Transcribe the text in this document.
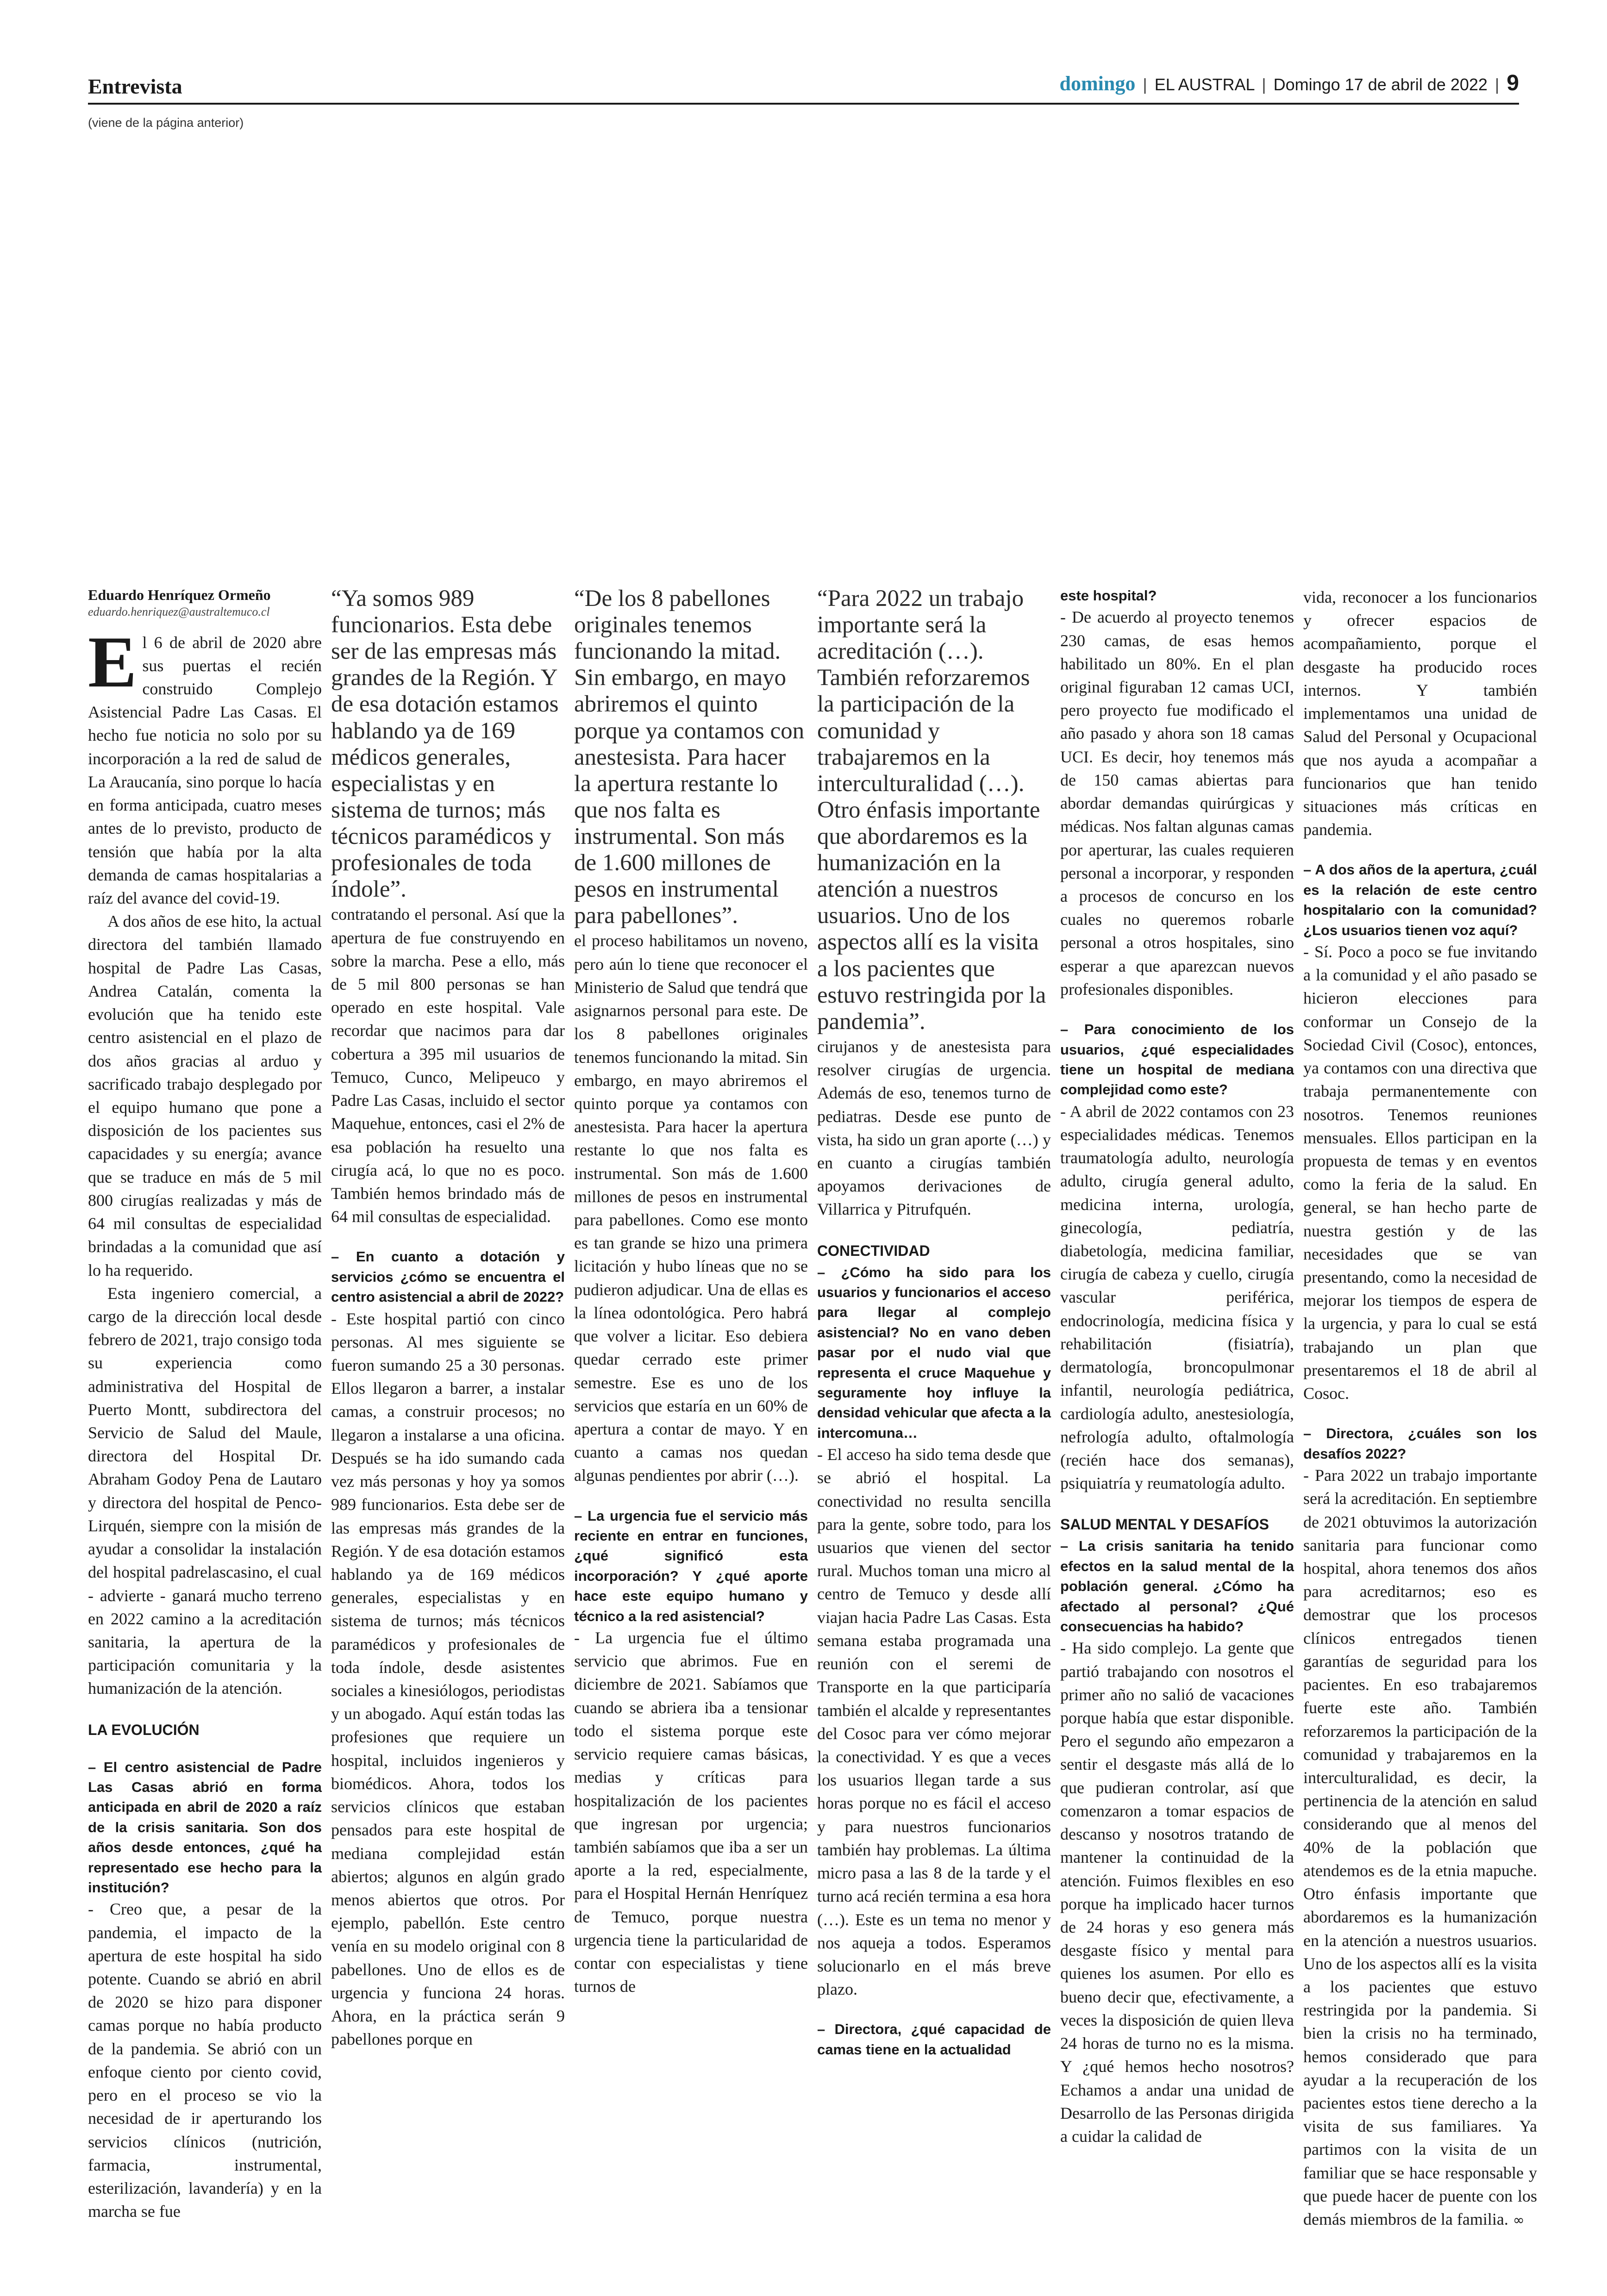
Entrevista	domingo | EL AUSTRAL | Domingo 17 de abril de 2022 | 9
(viene de la página anterior)
Eduardo Henríquez Ormeño
eduardo.henriquez@australtemuco.cl

El 6 de abril de 2020 abre sus puertas el recién construido Complejo Asistencial Padre Las Casas. El hecho fue noticia no solo por su incorporación a la red de salud de La Araucanía, sino porque lo hacía en forma anticipada, cuatro meses antes de lo previsto, producto de tensión que había por la alta demanda de camas hospitalarias a raíz del avance del covid-19.

A dos años de ese hito, la actual directora del también llamado hospital de Padre Las Casas, Andrea Catalán, comenta la evolución que ha tenido este centro asistencial en el plazo de dos años gracias al arduo y sacrificado trabajo desplegado por el equipo humano que pone a disposición de los pacientes sus capacidades y su energía; avance que se traduce en más de 5 mil 800 cirugías realizadas y más de 64 mil consultas de especialidad brindadas a la comunidad que así lo ha requerido.

Esta ingeniero comercial, a cargo de la dirección local desde febrero de 2021, trajo consigo toda su experiencia como administrativa del Hospital de Puerto Montt, subdirectora del Servicio de Salud del Maule, directora del Hospital Dr. Abraham Godoy Pena de Lautaro y directora del hospital de Penco-Lirquén, siempre con la misión de ayudar a consolidar la instalación del hospital padrelascasino, el cual - advierte - ganará mucho terreno en 2022 camino a la acreditación sanitaria, la apertura de la participación comunitaria y la humanización de la atención.

LA EVOLUCIÓN

– El centro asistencial de Padre Las Casas abrió en forma anticipada en abril de 2020 a raíz de la crisis sanitaria. Son dos años desde entonces, ¿qué ha representado ese hecho para la institución?

- Creo que, a pesar de la pandemia, el impacto de la apertura de este hospital ha sido potente. Cuando se abrió en abril de 2020 se hizo para disponer camas porque no había producto de la pandemia. Se abrió con un enfoque ciento por ciento covid, pero en el proceso se vio la necesidad de ir aperturando los servicios clínicos (nutrición, farmacia, instrumental, esterilización, lavandería) y en la marcha se fue

“Ya somos 989 funcionarios. Esta debe ser de las empresas más grandes de la Región. Y de esa dotación estamos hablando ya de 169 médicos generales, especialistas y en sistema de turnos; más técnicos paramédicos y profesionales de toda índole”.

contratando el personal. Así que la apertura de fue construyendo en sobre la marcha. Pese a ello, más de 5 mil 800 personas se han operado en este hospital. Vale recordar que nacimos para dar cobertura a 395 mil usuarios de Temuco, Cunco, Melipeuco y Padre Las Casas, incluido el sector Maquehue, entonces, casi el 2% de esa población ha resuelto una cirugía acá, lo que no es poco. También hemos brindado más de 64 mil consultas de especialidad.

– En cuanto a dotación y servicios ¿cómo se encuentra el centro asistencial a abril de 2022?

- Este hospital partió con cinco personas. Al mes siguiente se fueron sumando 25 a 30 personas. Ellos llegaron a barrer, a instalar camas, a construir procesos; no llegaron a instalarse a una oficina. Después se ha ido sumando cada vez más personas y hoy ya somos 989 funcionarios. Esta debe ser de las empresas más grandes de la Región. Y de esa dotación estamos hablando ya de 169 médicos generales, especialistas y en sistema de turnos; más técnicos paramédicos y profesionales de toda índole, desde asistentes sociales a kinesiólogos, periodistas y un abogado. Aquí están todas las profesiones que requiere un hospital, incluidos ingenieros y biomédicos. Ahora, todos los servicios clínicos que estaban pensados para este hospital de mediana complejidad están abiertos; algunos en algún grado menos abiertos que otros. Por ejemplo, pabellón. Este centro venía en su modelo original con 8 pabellones. Uno de ellos es de urgencia y funciona 24 horas. Ahora, en la práctica serán 9 pabellones porque en

“De los 8 pabellones originales tenemos funcionando la mitad. Sin embargo, en mayo abriremos el quinto porque ya contamos con anestesista. Para hacer la apertura restante lo que nos falta es instrumental. Son más de 1.600 millones de pesos en instrumental para pabellones”.

el proceso habilitamos un noveno, pero aún lo tiene que reconocer el Ministerio de Salud que tendrá que asignarnos personal para este. De los 8 pabellones originales tenemos funcionando la mitad. Sin embargo, en mayo abriremos el quinto porque ya contamos con anestesista. Para hacer la apertura restante lo que nos falta es instrumental. Son más de 1.600 millones de pesos en instrumental para pabellones. Como ese monto es tan grande se hizo una primera licitación y hubo líneas que no se pudieron adjudicar. Una de ellas es la línea odontológica. Pero habrá que volver a licitar. Eso debiera quedar cerrado este primer semestre. Ese es uno de los servicios que estaría en un 60% de apertura a contar de mayo. Y en cuanto a camas nos quedan algunas pendientes por abrir (…).

– La urgencia fue el servicio más reciente en entrar en funciones, ¿qué significó esta incorporación? Y ¿qué aporte hace este equipo humano y técnico a la red asistencial?

- La urgencia fue el último servicio que abrimos. Fue en diciembre de 2021. Sabíamos que cuando se abriera iba a tensionar todo el sistema porque este servicio requiere camas básicas, medias y críticas para hospitalización de los pacientes que ingresan por urgencia; también sabíamos que iba a ser un aporte a la red, especialmente, para el Hospital Hernán Henríquez de Temuco, porque nuestra urgencia tiene la particularidad de contar con especialistas y tiene turnos de

“Para 2022 un trabajo importante será la acreditación (…). También reforzaremos la participación de la comunidad y trabajaremos en la interculturalidad (…). Otro énfasis importante que abordaremos es la humanización en la atención a nuestros usuarios. Uno de los aspectos allí es la visita a los pacientes que estuvo restringida por la pandemia”.

cirujanos y de anestesista para resolver cirugías de urgencia. Además de eso, tenemos turno de pediatras. Desde ese punto de vista, ha sido un gran aporte (…) y en cuanto a cirugías también apoyamos derivaciones de Villarrica y Pitrufquén.

CONECTIVIDAD

– ¿Cómo ha sido para los usuarios y funcionarios el acceso para llegar al complejo asistencial? No en vano deben pasar por el nudo vial que representa el cruce Maquehue y seguramente hoy influye la densidad vehicular que afecta a la intercomuna…

- El acceso ha sido tema desde que se abrió el hospital. La conectividad no resulta sencilla para la gente, sobre todo, para los usuarios que vienen del sector rural. Muchos toman una micro al centro de Temuco y desde allí viajan hacia Padre Las Casas. Esta semana estaba programada una reunión con el seremi de Transporte en la que participaría también el alcalde y representantes del Cosoc para ver cómo mejorar la conectividad. Y es que a veces los usuarios llegan tarde a sus horas porque no es fácil el acceso y para nuestros funcionarios también hay problemas. La última micro pasa a las 8 de la tarde y el turno acá recién termina a esa hora (…). Este es un tema no menor y nos aqueja a todos. Esperamos solucionarlo en el más breve plazo.

– Directora, ¿qué capacidad de camas tiene en la actualidad

este hospital?

- De acuerdo al proyecto tenemos 230 camas, de esas hemos habilitado un 80%. En el plan original figuraban 12 camas UCI, pero proyecto fue modificado el año pasado y ahora son 18 camas UCI. Es decir, hoy tenemos más de 150 camas abiertas para abordar demandas quirúrgicas y médicas. Nos faltan algunas camas por aperturar, las cuales requieren personal a incorporar, y responden a procesos de concurso en los cuales no queremos robarle personal a otros hospitales, sino esperar a que aparezcan nuevos profesionales disponibles.

– Para conocimiento de los usuarios, ¿qué especialidades tiene un hospital de mediana complejidad como este?

- A abril de 2022 contamos con 23 especialidades médicas. Tenemos traumatología adulto, neurología adulto, cirugía general adulto, medicina interna, urología, ginecología, pediatría, diabetología, medicina familiar, cirugía de cabeza y cuello, cirugía vascular periférica, endocrinología, medicina física y rehabilitación (fisiatría), dermatología, broncopulmonar infantil, neurología pediátrica, cardiología adulto, anestesiología, nefrología adulto, oftalmología (recién hace dos semanas), psiquiatría y reumatología adulto.

SALUD MENTAL Y DESAFÍOS

– La crisis sanitaria ha tenido efectos en la salud mental de la población general. ¿Cómo ha afectado al personal? ¿Qué consecuencias ha habido?

- Ha sido complejo. La gente que partió trabajando con nosotros el primer año no salió de vacaciones porque había que estar disponible. Pero el segundo año empezaron a sentir el desgaste más allá de lo que pudieran controlar, así que comenzaron a tomar espacios de descanso y nosotros tratando de mantener la continuidad de la atención. Fuimos flexibles en eso porque ha implicado hacer turnos de 24 horas y eso genera más desgaste físico y mental para quienes los asumen. Por ello es bueno decir que, efectivamente, a veces la disposición de quien lleva 24 horas de turno no es la misma. Y ¿qué hemos hecho nosotros? Echamos a andar una unidad de Desarrollo de las Personas dirigida a cuidar la calidad de

vida, reconocer a los funcionarios y ofrecer espacios de acompañamiento, porque el desgaste ha producido roces internos. Y también implementamos una unidad de Salud del Personal y Ocupacional que nos ayuda a acompañar a funcionarios que han tenido situaciones más críticas en pandemia.

– A dos años de la apertura, ¿cuál es la relación de este centro hospitalario con la comunidad? ¿Los usuarios tienen voz aquí?

- Sí. Poco a poco se fue invitando a la comunidad y el año pasado se hicieron elecciones para conformar un Consejo de la Sociedad Civil (Cosoc), entonces, ya contamos con una directiva que trabaja permanentemente con nosotros. Tenemos reuniones mensuales. Ellos participan en la propuesta de temas y en eventos como la feria de la salud. En general, se han hecho parte de nuestra gestión y de las necesidades que se van presentando, como la necesidad de mejorar los tiempos de espera de la urgencia, y para lo cual se está trabajando un plan que presentaremos el 18 de abril al Cosoc.

– Directora, ¿cuáles son los desafíos 2022?

- Para 2022 un trabajo importante será la acreditación. En septiembre de 2021 obtuvimos la autorización sanitaria para funcionar como hospital, ahora tenemos dos años para acreditarnos; eso es demostrar que los procesos clínicos entregados tienen garantías de seguridad para los pacientes. En eso trabajaremos fuerte este año. También reforzaremos la participación de la comunidad y trabajaremos en la interculturalidad, es decir, la pertinencia de la atención en salud considerando que al menos del 40% de la población que atendemos es de la etnia mapuche. Otro énfasis importante que abordaremos es la humanización en la atención a nuestros usuarios. Uno de los aspectos allí es la visita a los pacientes que estuvo restringida por la pandemia. Si bien la crisis no ha terminado, hemos considerado que para ayudar a la recuperación de los pacientes estos tiene derecho a la visita de sus familiares. Ya partimos con la visita de un familiar que se hace responsable y que puede hacer de puente con los demás miembros de la familia. ∞
